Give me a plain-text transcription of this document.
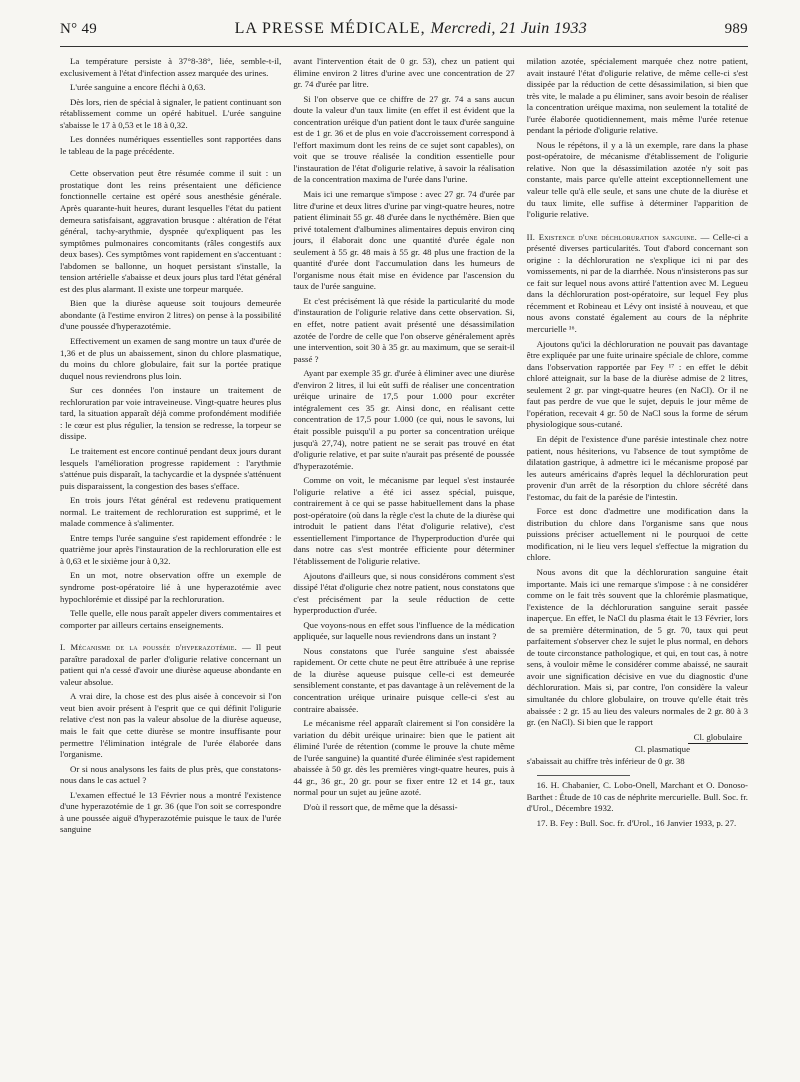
N° 49	LA PRESSE MÉDICALE, Mercredi, 21 Juin 1933	989

La température persiste à 37°8-38°, liée, semble-t-il, exclusivement à l'état d'infection assez marquée des urines.

L'urée sanguine a encore fléchi à 0,63.

Dès lors, rien de spécial à signaler, le patient continuant son rétablissement comme un opéré habituel. L'urée sanguine s'abaisse le 17 à 0,53 et le 18 à 0,32.

Les données numériques essentielles sont rapportées dans le tableau de la page précédente.

Cette observation peut être résumée comme il suit : un prostatique dont les reins présentaient une déficience fonctionnelle certaine est opéré sous anesthésie générale. Après quarante-huit heures, durant lesquelles l'état du patient demeura satisfaisant, aggravation brusque : altération de l'état général, tachy-arythmie, dyspnée qu'expliquent pas les symptômes pulmonaires concomitants (râles congestifs aux deux bases). Ces symptômes vont rapidement en s'accentuant : l'abdomen se ballonne, un hoquet persistant s'installe, la tension artérielle s'abaisse et deux jours plus tard l'état général est des plus alarmant. Il existe une torpeur marquée.

Bien que la diurèse aqueuse soit toujours demeurée abondante (à l'estime environ 2 litres) on pense à la possibilité d'une poussée d'hyperazotémie.

Effectivement un examen de sang montre un taux d'urée de 1,36 et de plus un abaissement, sinon du chlore plasmatique, du moins du chlore globulaire, fait sur la portée pratique duquel nous reviendrons plus loin.

Sur ces données l'on instaure un traitement de rechloruration par voie intraveineuse. Vingt-quatre heures plus tard, la situation apparaît déjà comme profondément modifiée : le cœur est plus régulier, la tension se redresse, la torpeur se dissipe.

Le traitement est encore continué pendant deux jours durant lesquels l'amélioration progresse rapidement : l'arythmie s'atténue puis disparaît, la tachycardie et la dyspnée s'atténuent puis disparaissent, la congestion des bases s'efface.

En trois jours l'état général est redevenu pratiquement normal. Le traitement de rechloruration est supprimé, et le malade commence à s'alimenter.

Entre temps l'urée sanguine s'est rapidement effondrée : le quatrième jour après l'instauration de la rechloruration elle est à 0,63 et le sixième jour à 0,32.

En un mot, notre observation offre un exemple de syndrome post-opératoire lié à une hyperazotémie avec hypochlorémie et dissipé par la rechloruration.

Telle quelle, elle nous paraît appeler divers commentaires et comporter par ailleurs certains enseignements.

I. Mécanisme de la poussée d'hyperazotémie. — Il peut paraître paradoxal de parler d'oligurie relative concernant un patient qui n'a cessé d'avoir une diurèse aqueuse abondante en valeur absolue.

A vrai dire, la chose est des plus aisée à concevoir si l'on veut bien avoir présent à l'esprit que ce qui définit l'oligurie relative c'est non pas la valeur absolue de la diurèse aqueuse, mais le fait que cette diurèse se montre insuffisante pour permettre l'élimination intégrale de l'urée élaborée dans l'organisme.

Or si nous analysons les faits de plus près, que constatons-nous dans le cas actuel ?

L'examen effectué le 13 Février nous a montré l'existence d'une hyperazotémie de 1 gr. 36 (que l'on soit se correspondre à une poussée aiguë d'hyperazotémie puisque le taux de l'urée sanguine

avant l'intervention était de 0 gr. 53), chez un patient qui élimine environ 2 litres d'urine avec une concentration de 27 gr. 74 d'urée par litre.

Si l'on observe que ce chiffre de 27 gr. 74 a sans aucun doute la valeur d'un taux limite (en effet il est évident que la concentration uréique d'un patient dont le taux d'urée sanguine est de 1 gr. 36 et de plus en voie d'accroissement correspond à l'effort maximum dont les reins de ce sujet sont capables), on voit que se trouve réalisée la condition essentielle pour l'instauration de l'état d'oligurie relative, à savoir la réalisation de la concentration maxima de l'urée dans l'urine.

Mais ici une remarque s'impose : avec 27 gr. 74 d'urée par litre d'urine et deux litres d'urine par vingt-quatre heures, notre patient éliminait 55 gr. 48 d'urée dans le nycthémère. Bien que privé totalement d'albumines alimentaires depuis environ cinq jours, il élaborait donc une quantité d'urée égale non seulement à 55 gr. 48 mais à 55 gr. 48 plus une fraction de la quantité d'urée dont l'accumulation dans les humeurs de l'organisme nous était mise en évidence par l'ascension du taux de l'urée sanguine.

Et c'est précisément là que réside la particularité du mode d'instauration de l'oligurie relative dans cette observation. Si, en effet, notre patient avait présenté une désassimilation azotée de l'ordre de celle que l'on observe généralement après une intervention, soit 30 à 35 gr. au maximum, que se serait-il passé ?

Ayant par exemple 35 gr. d'urée à éliminer avec une diurèse d'environ 2 litres, il lui eût suffi de réaliser une concentration uréique urinaire de 17,5 pour 1.000 pour excréter intégralement ces 35 gr. Ainsi donc, en réalisant cette concentration de 17,5 pour 1.000 (ce qui, nous le savons, lui était possible puisqu'il a pu porter sa concentration uréique jusqu'à 27,74), notre patient ne se serait pas trouvé en état d'oligurie relative, et par suite n'aurait pas présenté de poussée d'hyperazotémie.

Comme on voit, le mécanisme par lequel s'est instaurée l'oligurie relative a été ici assez spécial, puisque, contrairement à ce qui se passe habituellement dans la phase post-opératoire (où dans la règle c'est la chute de la diurèse qui introduit le patient dans l'état d'oligurie relative), c'est essentiellement l'importance de l'hyperproduction d'urée qui dans notre cas s'est montrée efficiente pour déterminer l'établissement de l'oligurie relative.

Ajoutons d'ailleurs que, si nous considérons comment s'est dissipé l'état d'oligurie chez notre patient, nous constatons que c'est précisément par la seule réduction de cette hyperproduction d'urée.

Que voyons-nous en effet sous l'influence de la médication appliquée, sur laquelle nous reviendrons dans un instant ?

Nous constatons que l'urée sanguine s'est abaissée rapidement. Or cette chute ne peut être attribuée à une reprise de la diurèse aqueuse puisque celle-ci est demeurée sensiblement constante, et pas davantage à un relèvement de la concentration uréique urinaire puisque celle-ci s'est au contraire abaissée.

Le mécanisme réel apparaît clairement si l'on considère la variation du débit uréique urinaire: bien que le patient ait éliminé l'urée de rétention (comme le prouve la chute même de l'urée sanguine) la quantité d'urée éliminée s'est rapidement abaissée à 50 gr. dès les premières vingt-quatre heures, puis à 44 gr., 36 gr., 20 gr. pour se fixer entre 12 et 14 gr., taux normal pour un sujet au jeûne azoté.

D'où il ressort que, de même que la désassi-

milation azotée, spécialement marquée chez notre patient, avait instauré l'état d'oligurie relative, de même celle-ci s'est dissipée par la réduction de cette désassimilation, si bien que très vite, le malade a pu éliminer, sans avoir besoin de réaliser la concentration uréique maxima, non seulement la totalité de l'urée élaborée quotidiennement, mais même l'urée retenue pendant la période d'oligurie relative.

Nous le répétons, il y a là un exemple, rare dans la phase post-opératoire, de mécanisme d'établissement de l'oligurie relative. Non que la désassimilation azotée n'y soit pas constante, mais parce qu'elle atteint exceptionnellement une valeur telle qu'à elle seule, et sans une chute de la diurèse et du taux limite, elle suffise à déterminer l'apparition de l'oligurie relative.

II. Existence d'une déchloruration sanguine. — Celle-ci a présenté diverses particularités. Tout d'abord concernant son origine : la déchloruration ne s'explique ici ni par des vomissements, ni par de la diarrhée. Nous n'insisterons pas sur ce fait sur lequel nous avons attiré l'attention avec M. Legueu dans la déchloruration post-opératoire, sur lequel Fey plus récemment et Robineau et Lévy ont insisté à nouveau, et que nous avons constaté également au cours de la néphrite mercurielle ¹⁶.

Ajoutons qu'ici la déchloruration ne pouvait pas davantage être expliquée par une fuite urinaire spéciale de chlore, comme dans l'observation rapportée par Fey ¹⁷ : en effet le débit chloré atteignait, sur la base de la diurèse admise de 2 litres, seulement 2 gr. par vingt-quatre heures (en NaCl). Or il ne faut pas perdre de vue que le sujet, depuis le jour même de l'opération, recevait 4 gr. 50 de NaCl sous la forme de sérum physiologique sous-cutané.

En dépit de l'existence d'une parésie intestinale chez notre patient, nous hésiterions, vu l'absence de tout symptôme de dilatation gastrique, à admettre ici le mécanisme proposé par les auteurs américains d'après lequel la déchloruration peut provenir d'un arrêt de la résorption du chlore sécrété dans l'estomac, du fait de la parésie de l'intestin.

Force est donc d'admettre une modification dans la distribution du chlore dans l'organisme sans que nous puissions préciser actuellement ni le pourquoi de cette modification, ni le lieu vers lequel s'effectue la migration du chlore.

Nous avons dit que la déchloruration sanguine était importante. Mais ici une remarque s'impose : à ne considérer comme on le fait très souvent que la chlorémie plasmatique, l'existence de la déchloruration sanguine serait passée inaperçue. En effet, le NaCl du plasma était le 13 Février, lors de sa première détermination, de 5 gr. 70, taux qui peut parfaitement s'observer chez le sujet le plus normal, en dehors de toute circonstance pathologique, et qui, en tout cas, à notre sens, à vouloir même le considérer comme abaissé, ne saurait avoir une signification décisive en vue du diagnostic d'une déchloruration. Mais si, par contre, l'on considère la valeur simultanée du chlore globulaire, on trouve qu'elle était très abaissée : 2 gr. 15 au lieu des valeurs normales de 2 gr. 80 à 3 gr. (en NaCl). Si bien que le rapport

Cl. globulaire
Cl. plasmatique

s'abaissait au chiffre très inférieur de 0 gr. 38

16. H. Chabanier, C. Lobo-Onell, Marchant et O. Donoso-Barthet : Étude de 10 cas de néphrite mercurielle. Bull. Soc. fr. d'Urol., Décembre 1932.

17. B. Fey : Bull. Soc. fr. d'Urol., 16 Janvier 1933, p. 27.
